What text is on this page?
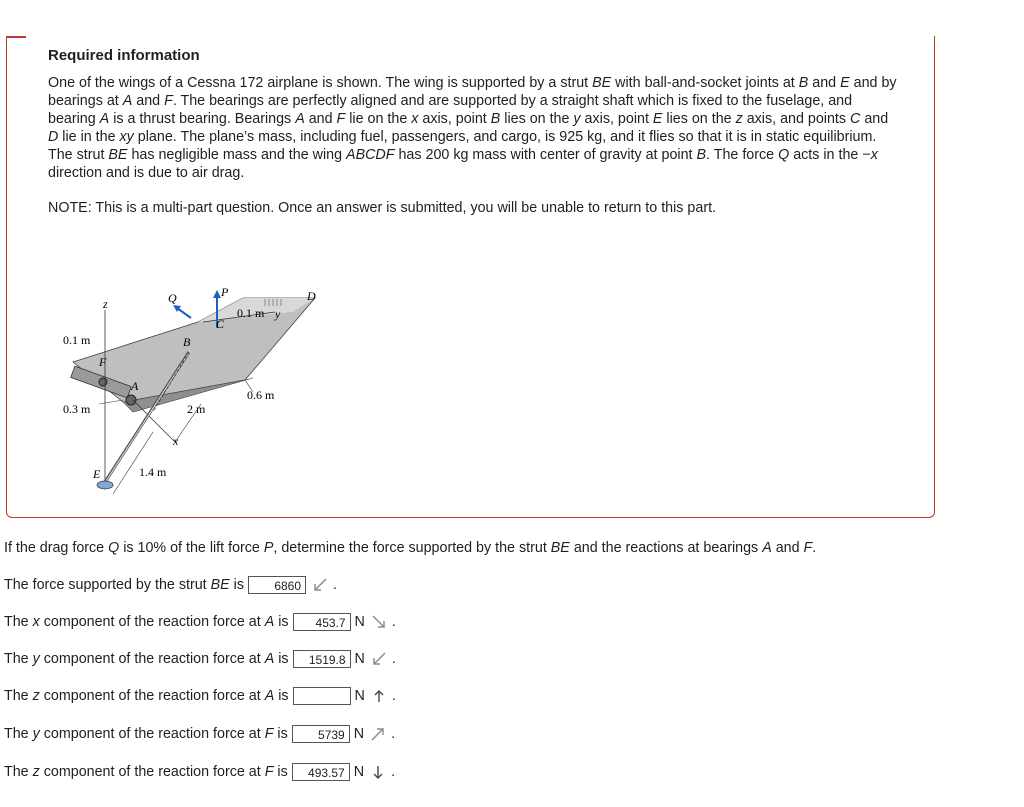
Required information
One of the wings of a Cessna 172 airplane is shown. The wing is supported by a strut BE with ball-and-socket joints at B and E and by bearings at A and F. The bearings are perfectly aligned and are supported by a straight shaft which is fixed to the fuselage, and bearing A is a thrust bearing. Bearings A and F lie on the x axis, point B lies on the y axis, point E lies on the z axis, and points C and D lie in the xy plane. The plane’s mass, including fuel, passengers, and cargo, is 925 kg, and it flies so that it is in static equilibrium. The strut BE has negligible mass and the wing ABCDF has 200 kg mass with center of gravity at point B. The force Q acts in the −x direction and is due to air drag.
NOTE: This is a multi-part question. Once an answer is submitted, you will be unable to return to this part.
z	Q	P	D
y
C
B
F
A
E
x
0.1 m
0.1 m
0.3 m	2 m
0.6 m
1.4 m
If the drag force Q is 10% of the lift force P, determine the force supported by the strut BE and the reactions at bearings A and F.
The force supported by the strut BE is	6860	.
The x component of the reaction force at A is	453.7 N .
The y component of the reaction force at A is	1519.8 N .
The z component of the reaction force at A is	N .
The y component of the reaction force at F is	5739 N .
The z component of the reaction force at F is	493.57 N .
